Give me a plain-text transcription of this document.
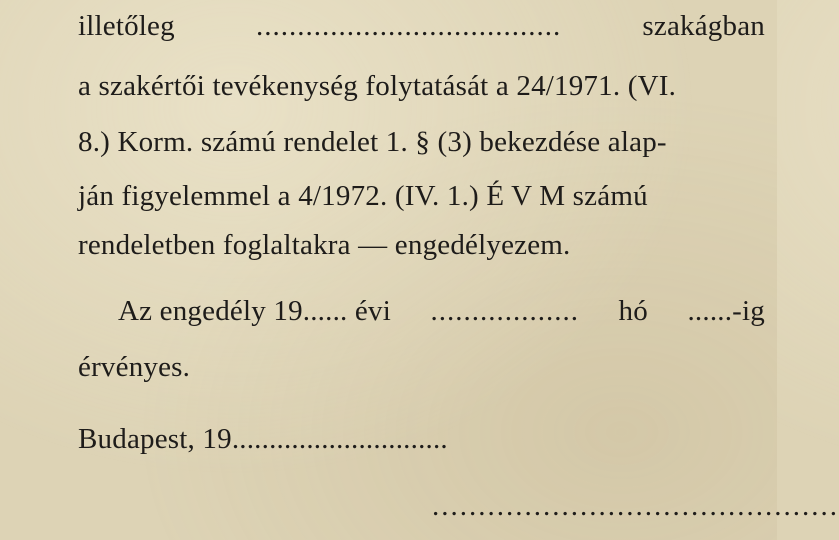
illetőleg	.....................................	szakágban
a szakértői tevékenység folytatását a 24/1971. (VI.
8.) Korm. számú rendelet 1. § (3) bekezdése alap-
ján figyelemmel a 4/1972. (IV. 1.) É V M számú
rendeletben foglaltakra — engedélyezem.
Az engedély 19...... évi .................. hó ......-ig
érvényes.
Budapest, 19.............................
............................................
